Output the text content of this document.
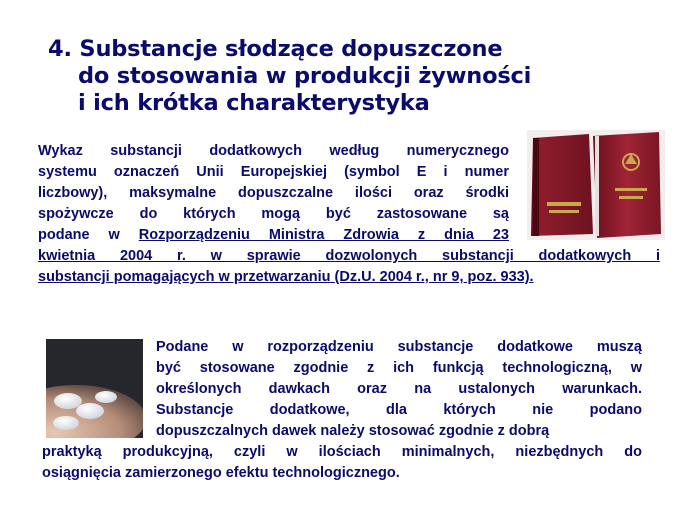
4. Substancje słodzące dopuszczone
do stosowania w produkcji żywności
i ich krótka charakterystyka
Wykaz substancji dodatkowych według numerycznego
systemu oznaczeń Unii Europejskiej (symbol E i numer
liczbowy), maksymalne dopuszczalne ilości oraz środki
spożywcze do których mogą być zastosowane są
podane w Rozporządzeniu Ministra Zdrowia z dnia 23
kwietnia 2004 r. w sprawie dozwolonych substancji dodatkowych i
substancji pomagających w przetwarzaniu (Dz.U. 2004 r., nr 9, poz. 933).
Podane w rozporządzeniu substancje dodatkowe muszą
być stosowane zgodnie z ich funkcją technologiczną, w
określonych dawkach oraz na ustalonych warunkach.
Substancje dodatkowe, dla których nie podano
dopuszczalnych dawek należy stosować zgodnie z dobrą
praktyką produkcyjną, czyli w ilościach minimalnych, niezbędnych do
osiągnięcia zamierzonego efektu technologicznego.
